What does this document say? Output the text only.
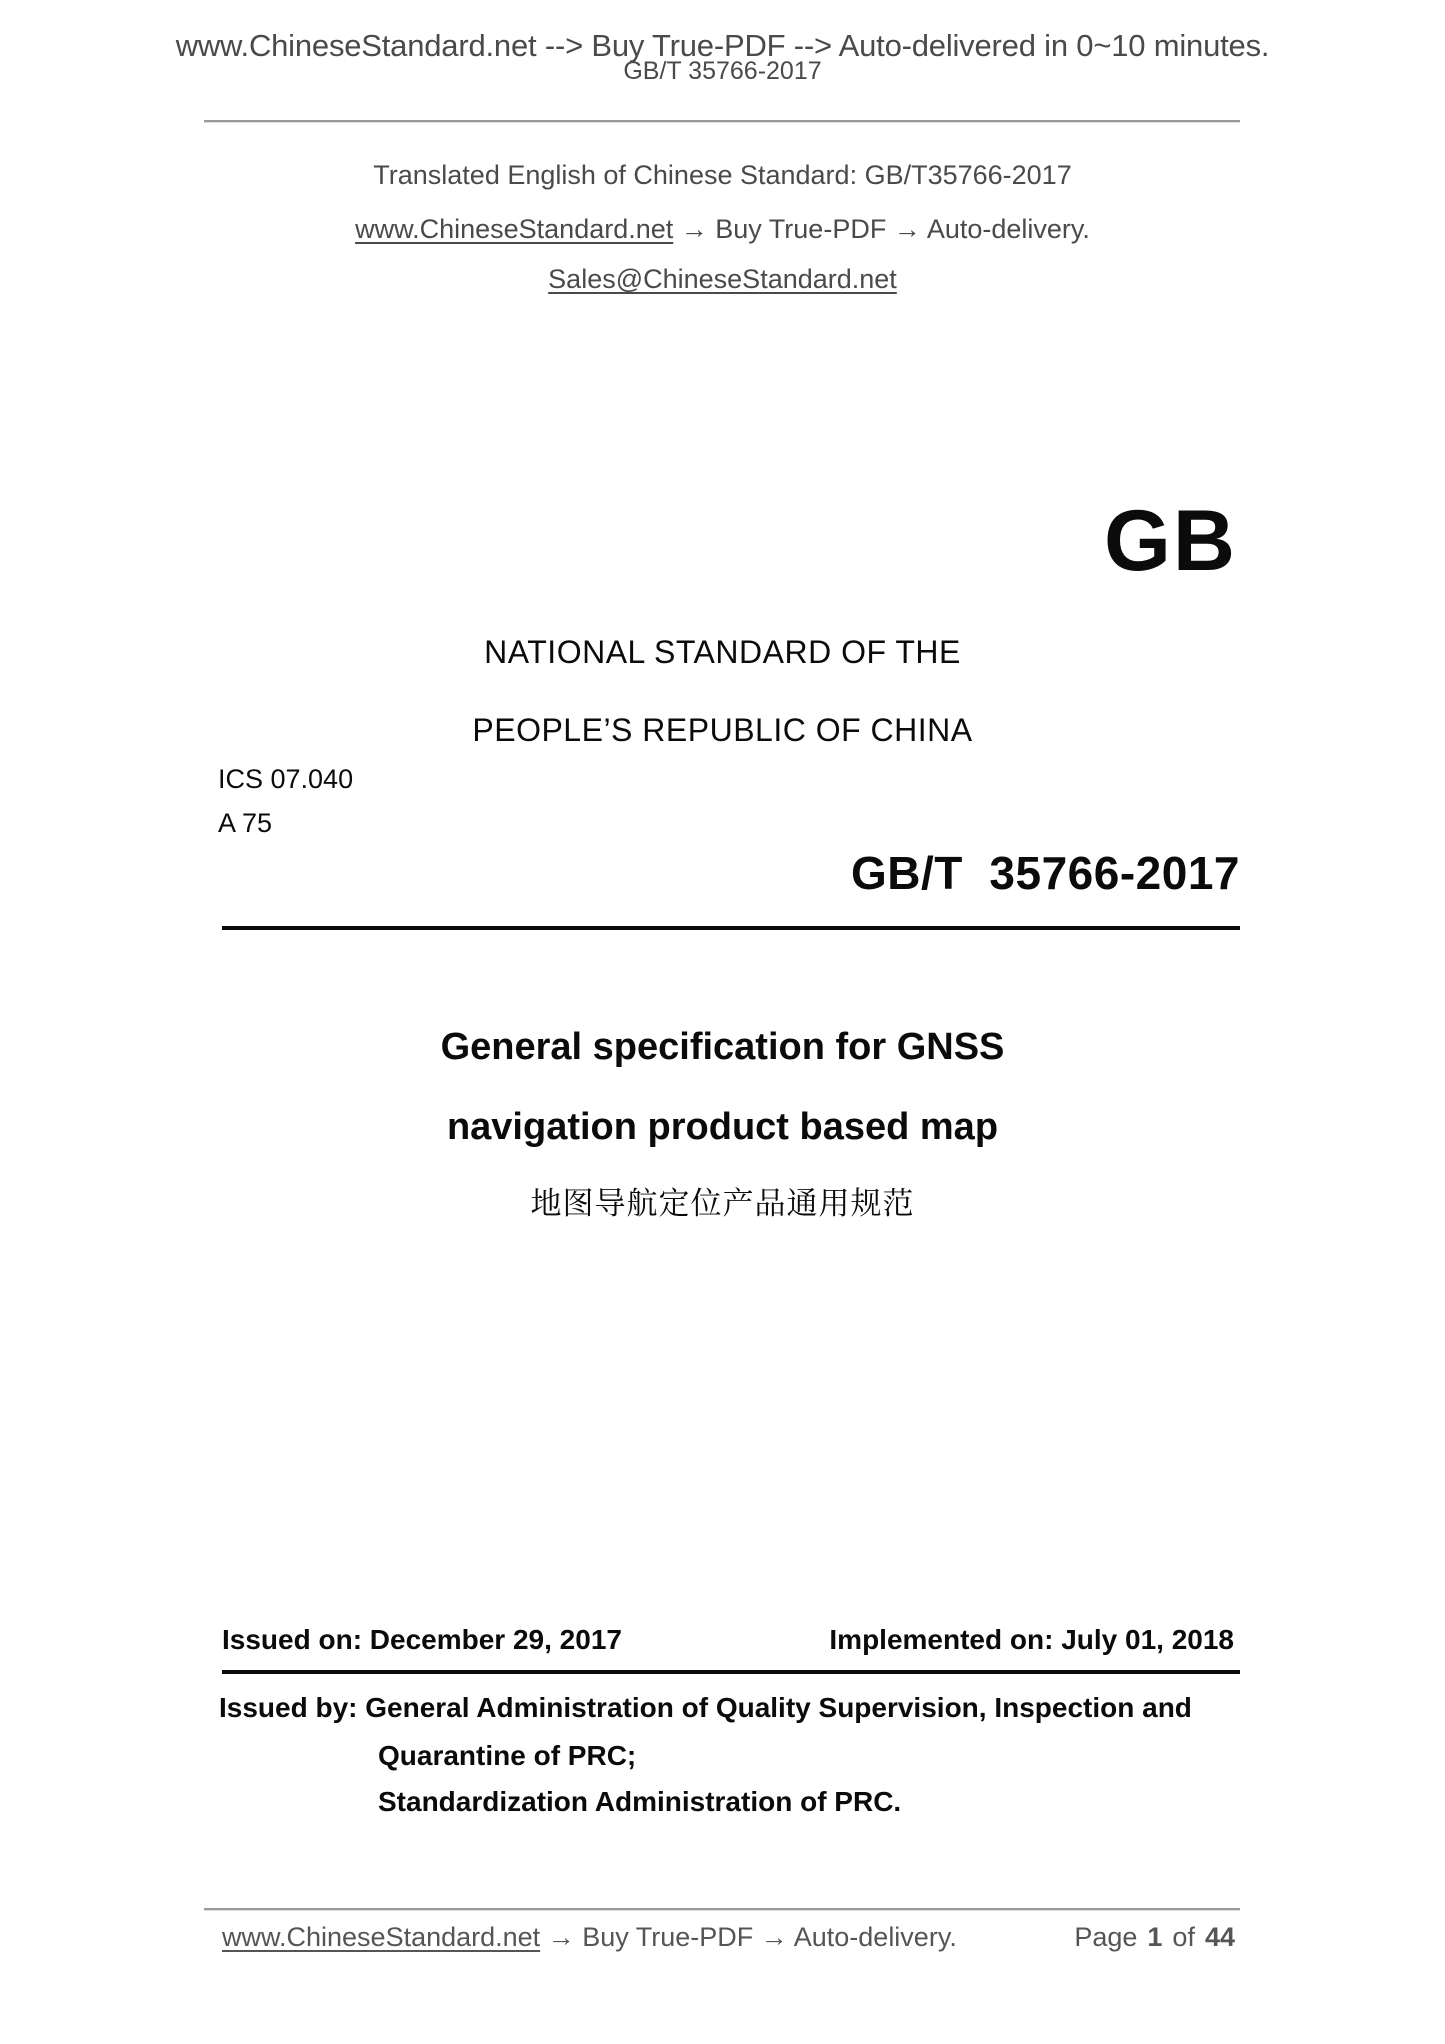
www.ChineseStandard.net --> Buy True-PDF --> Auto-delivered in 0~10 minutes.
GB/T 35766-2017
Translated English of Chinese Standard: GB/T35766-2017
www.ChineseStandard.net → Buy True-PDF → Auto-delivery.
Sales@ChineseStandard.net
GB
NATIONAL STANDARD OF THE
PEOPLE’S REPUBLIC OF CHINA
ICS 07.040
A 75
GB/T  35766-2017
General specification for GNSS
navigation product based map
地图导航定位产品通用规范
Issued on: December 29, 2017	Implemented on: July 01, 2018
Issued by: General Administration of Quality Supervision, Inspection and
Quarantine of PRC;
Standardization Administration of PRC.
www.ChineseStandard.net → Buy True-PDF → Auto-delivery.	Page 1 of 44
